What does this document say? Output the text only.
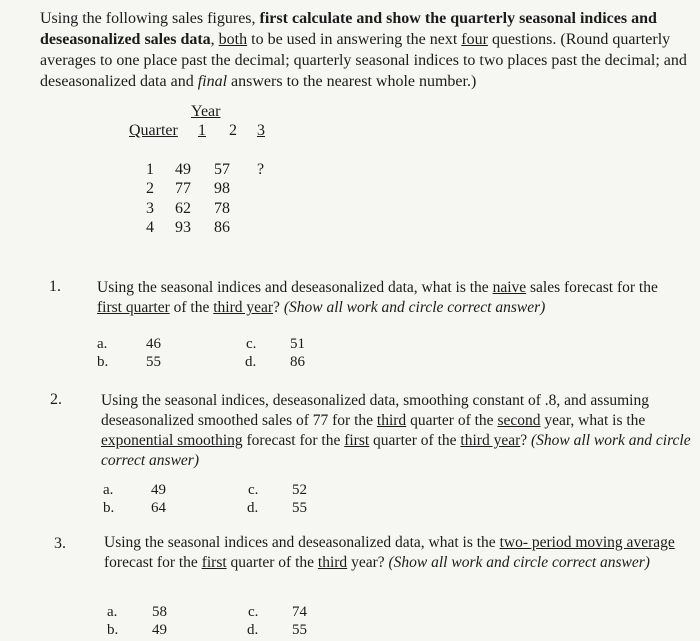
Using the following sales figures, first calculate and show the quarterly seasonal indices and deseasonalized sales data, both to be used in answering the next four questions. (Round quarterly averages to one place past the decimal; quarterly seasonal indices to two places past the decimal; and deseasonalized data and final answers to the nearest whole number.)
Year
Quarter 1 2 3
1 49 57 ?
2 77 98
3 62 78
4 93 86
1. Using the seasonal indices and deseasonalized data, what is the naive sales forecast for the first quarter of the third year? (Show all work and circle correct answer)
a.	46
b.	55
c. 51
d. 86
2.	Using the seasonal indices, deseasonalized data, smoothing constant of .8, and assuming deseasonalized smoothed sales of 77 for the third quarter of the second year, what is the exponential smoothing forecast for the first quarter of the third year? (Show all work and circle correct answer)
a.	49
b. 64
c. 52
d. 55
3. Using the seasonal indices and deseasonalized data, what is the two- period moving average forecast for the first quarter of the third year? (Show all work and circle correct answer)
a. 58
b. 49
c. 74
d. 55
